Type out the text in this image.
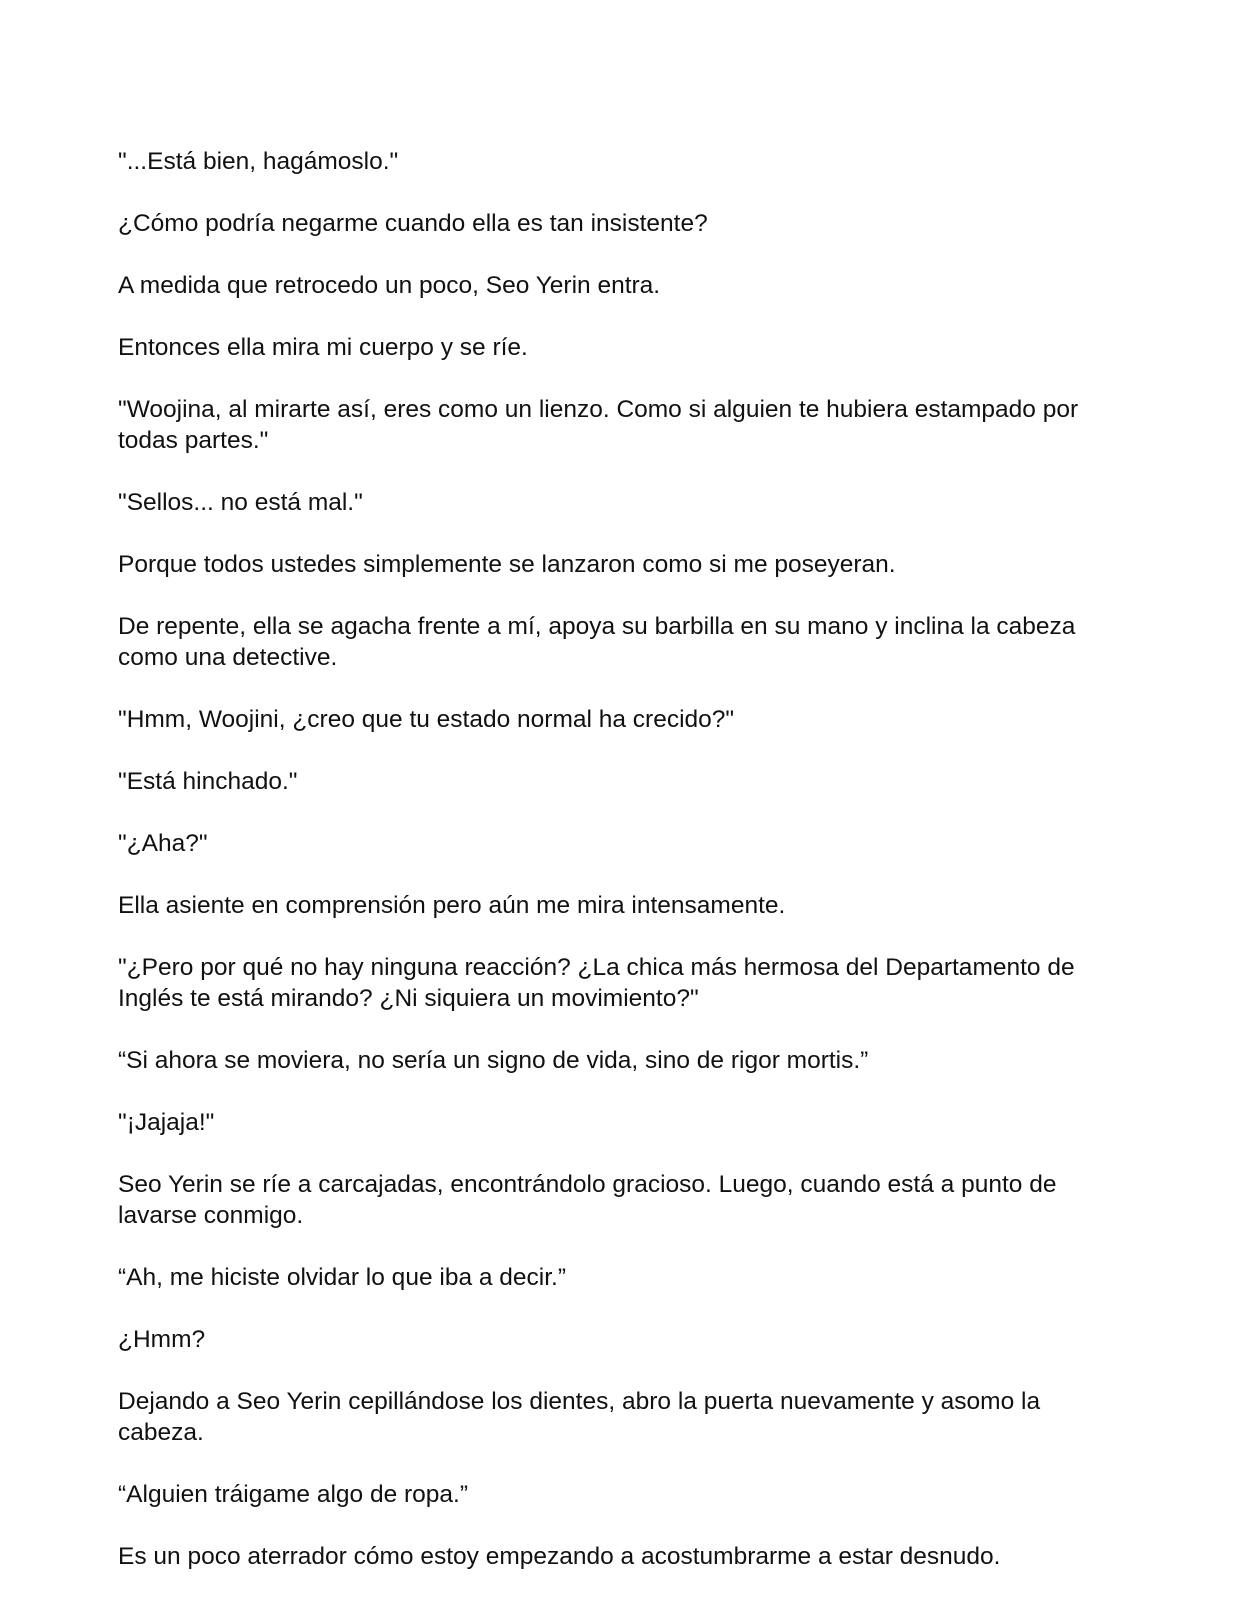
"...Está bien, hagámoslo."

¿Cómo podría negarme cuando ella es tan insistente?

A medida que retrocedo un poco, Seo Yerin entra.

Entonces ella mira mi cuerpo y se ríe.

"Woojina, al mirarte así, eres como un lienzo. Como si alguien te hubiera estampado por todas partes."

"Sellos... no está mal."

Porque todos ustedes simplemente se lanzaron como si me poseyeran.

De repente, ella se agacha frente a mí, apoya su barbilla en su mano y inclina la cabeza como una detective.

"Hmm, Woojini, ¿creo que tu estado normal ha crecido?"

"Está hinchado."

"¿Aha?"

Ella asiente en comprensión pero aún me mira intensamente.

"¿Pero por qué no hay ninguna reacción? ¿La chica más hermosa del Departamento de Inglés te está mirando? ¿Ni siquiera un movimiento?"

“Si ahora se moviera, no sería un signo de vida, sino de rigor mortis.”

"¡Jajaja!"

Seo Yerin se ríe a carcajadas, encontrándolo gracioso. Luego, cuando está a punto de lavarse conmigo.

“Ah, me hiciste olvidar lo que iba a decir.”

¿Hmm?

Dejando a Seo Yerin cepillándose los dientes, abro la puerta nuevamente y asomo la cabeza.

“Alguien tráigame algo de ropa.”

Es un poco aterrador cómo estoy empezando a acostumbrarme a estar desnudo.
